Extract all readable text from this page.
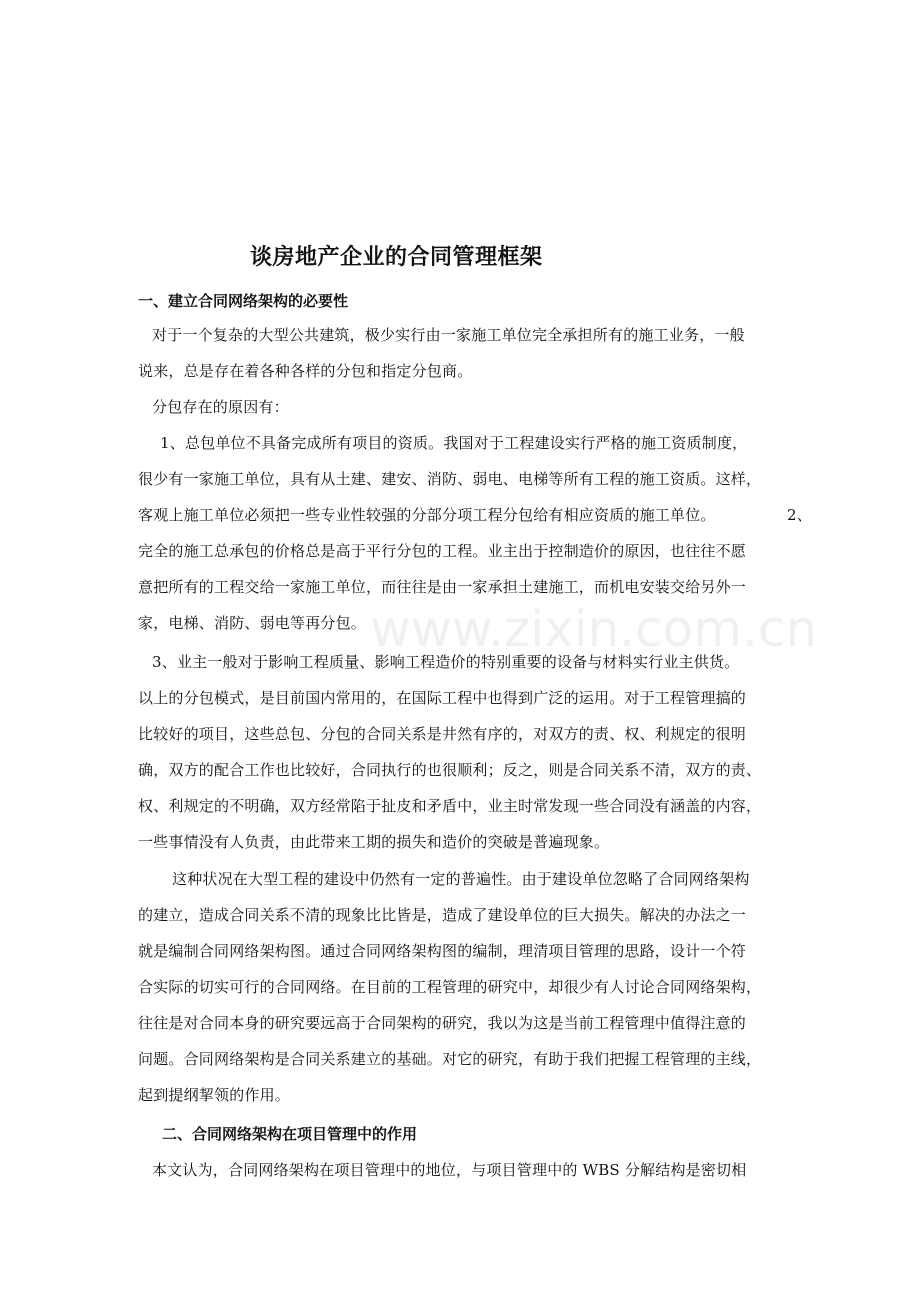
www.zixin.com.cn
谈房地产企业的合同管理框架
一、建立合同网络架构的必要性
对于一个复杂的大型公共建筑，极少实行由一家施工单位完全承担所有的施工业务，一般
说来，总是存在着各种各样的分包和指定分包商。
分包存在的原因有：
1、总包单位不具备完成所有项目的资质。我国对于工程建设实行严格的施工资质制度，
很少有一家施工单位，具有从土建、建安、消防、弱电、电梯等所有工程的施工资质。这样，
客观上施工单位必须把一些专业性较强的分部分项工程分包给有相应资质的施工单位。	2、
完全的施工总承包的价格总是高于平行分包的工程。业主出于控制造价的原因，也往往不愿
意把所有的工程交给一家施工单位，而往往是由一家承担土建施工，而机电安装交给另外一
家，电梯、消防、弱电等再分包。
3、业主一般对于影响工程质量、影响工程造价的特别重要的设备与材料实行业主供货。
以上的分包模式，是目前国内常用的，在国际工程中也得到广泛的运用。对于工程管理搞的
比较好的项目，这些总包、分包的合同关系是井然有序的，对双方的责、权、利规定的很明
确，双方的配合工作也比较好，合同执行的也很顺利；反之，则是合同关系不清，双方的责、
权、利规定的不明确，双方经常陷于扯皮和矛盾中，业主时常发现一些合同没有涵盖的内容，
一些事情没有人负责，由此带来工期的损失和造价的突破是普遍现象。
这种状况在大型工程的建设中仍然有一定的普遍性。由于建设单位忽略了合同网络架构
的建立，造成合同关系不清的现象比比皆是，造成了建设单位的巨大损失。解决的办法之一
就是编制合同网络架构图。通过合同网络架构图的编制，理清项目管理的思路，设计一个符
合实际的切实可行的合同网络。在目前的工程管理的研究中，却很少有人讨论合同网络架构，
往往是对合同本身的研究要远高于合同架构的研究，我以为这是当前工程管理中值得注意的
问题。合同网络架构是合同关系建立的基础。对它的研究，有助于我们把握工程管理的主线，
起到提纲挈领的作用。
二、合同网络架构在项目管理中的作用
本文认为，合同网络架构在项目管理中的地位，与项目管理中的 WBS 分解结构是密切相
